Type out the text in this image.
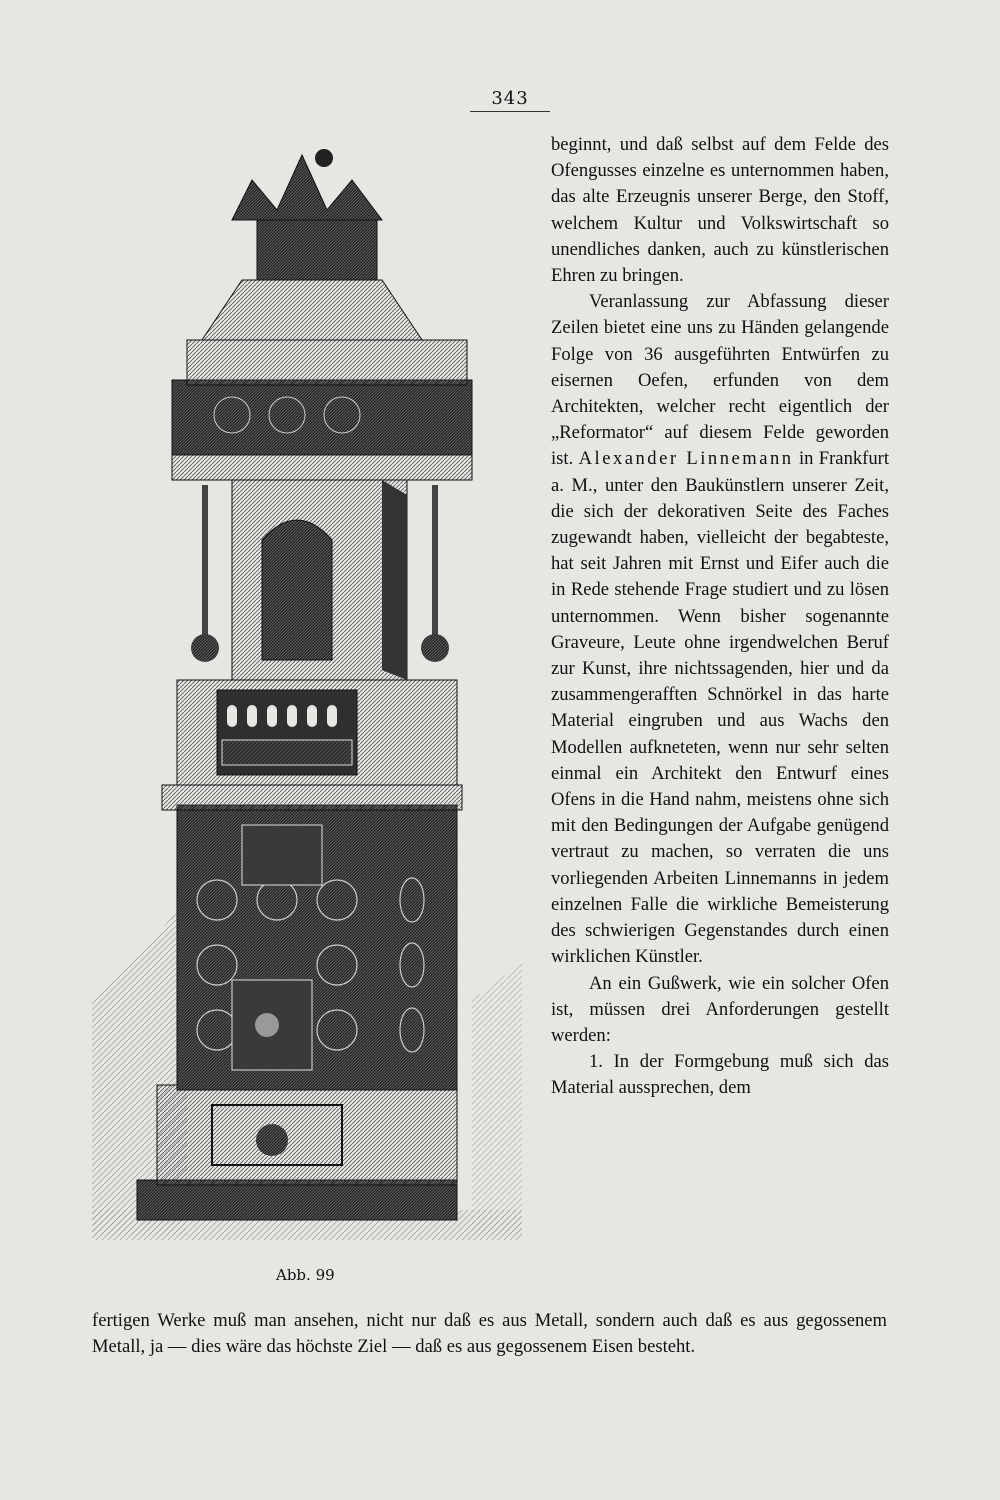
343
Abb. 99

beginnt, und daß selbst auf dem Felde des Ofengusses einzelne es unternommen haben, das alte Erzeugnis unserer Berge, den Stoff, welchem Kultur und Volkswirtschaft so unendliches danken, auch zu künstlerischen Ehren zu bringen.

Veranlassung zur Abfassung dieser Zeilen bietet eine uns zu Händen gelangende Folge von 36 ausgeführten Entwürfen zu eisernen Oefen, erfunden von dem Architekten, welcher recht eigentlich der „Reformator“ auf diesem Felde geworden ist. Alexander Linnemann in Frankfurt a. M., unter den Baukünstlern unserer Zeit, die sich der dekorativen Seite des Faches zugewandt haben, vielleicht der begabteste, hat seit Jahren mit Ernst und Eifer auch die in Rede stehende Frage studiert und zu lösen unternommen. Wenn bisher sogenannte Graveure, Leute ohne irgendwelchen Beruf zur Kunst, ihre nichtssagenden, hier und da zusammengerafften Schnörkel in das harte Material eingruben und aus Wachs den Modellen aufkneteten, wenn nur sehr selten einmal ein Architekt den Entwurf eines Ofens in die Hand nahm, meistens ohne sich mit den Bedingungen der Aufgabe genügend vertraut zu machen, so verraten die uns vorliegenden Arbeiten Linnemanns in jedem einzelnen Falle die wirkliche Bemeisterung des schwierigen Gegenstandes durch einen wirklichen Künstler.

An ein Gußwerk, wie ein solcher Ofen ist, müssen drei Anforderungen gestellt werden:

1. In der Formgebung muß sich das Material aussprechen, dem

fertigen Werke muß man ansehen, nicht nur daß es aus Metall, sondern auch daß es aus gegossenem Metall, ja — dies wäre das höchste Ziel — daß es aus gegossenem Eisen besteht.
